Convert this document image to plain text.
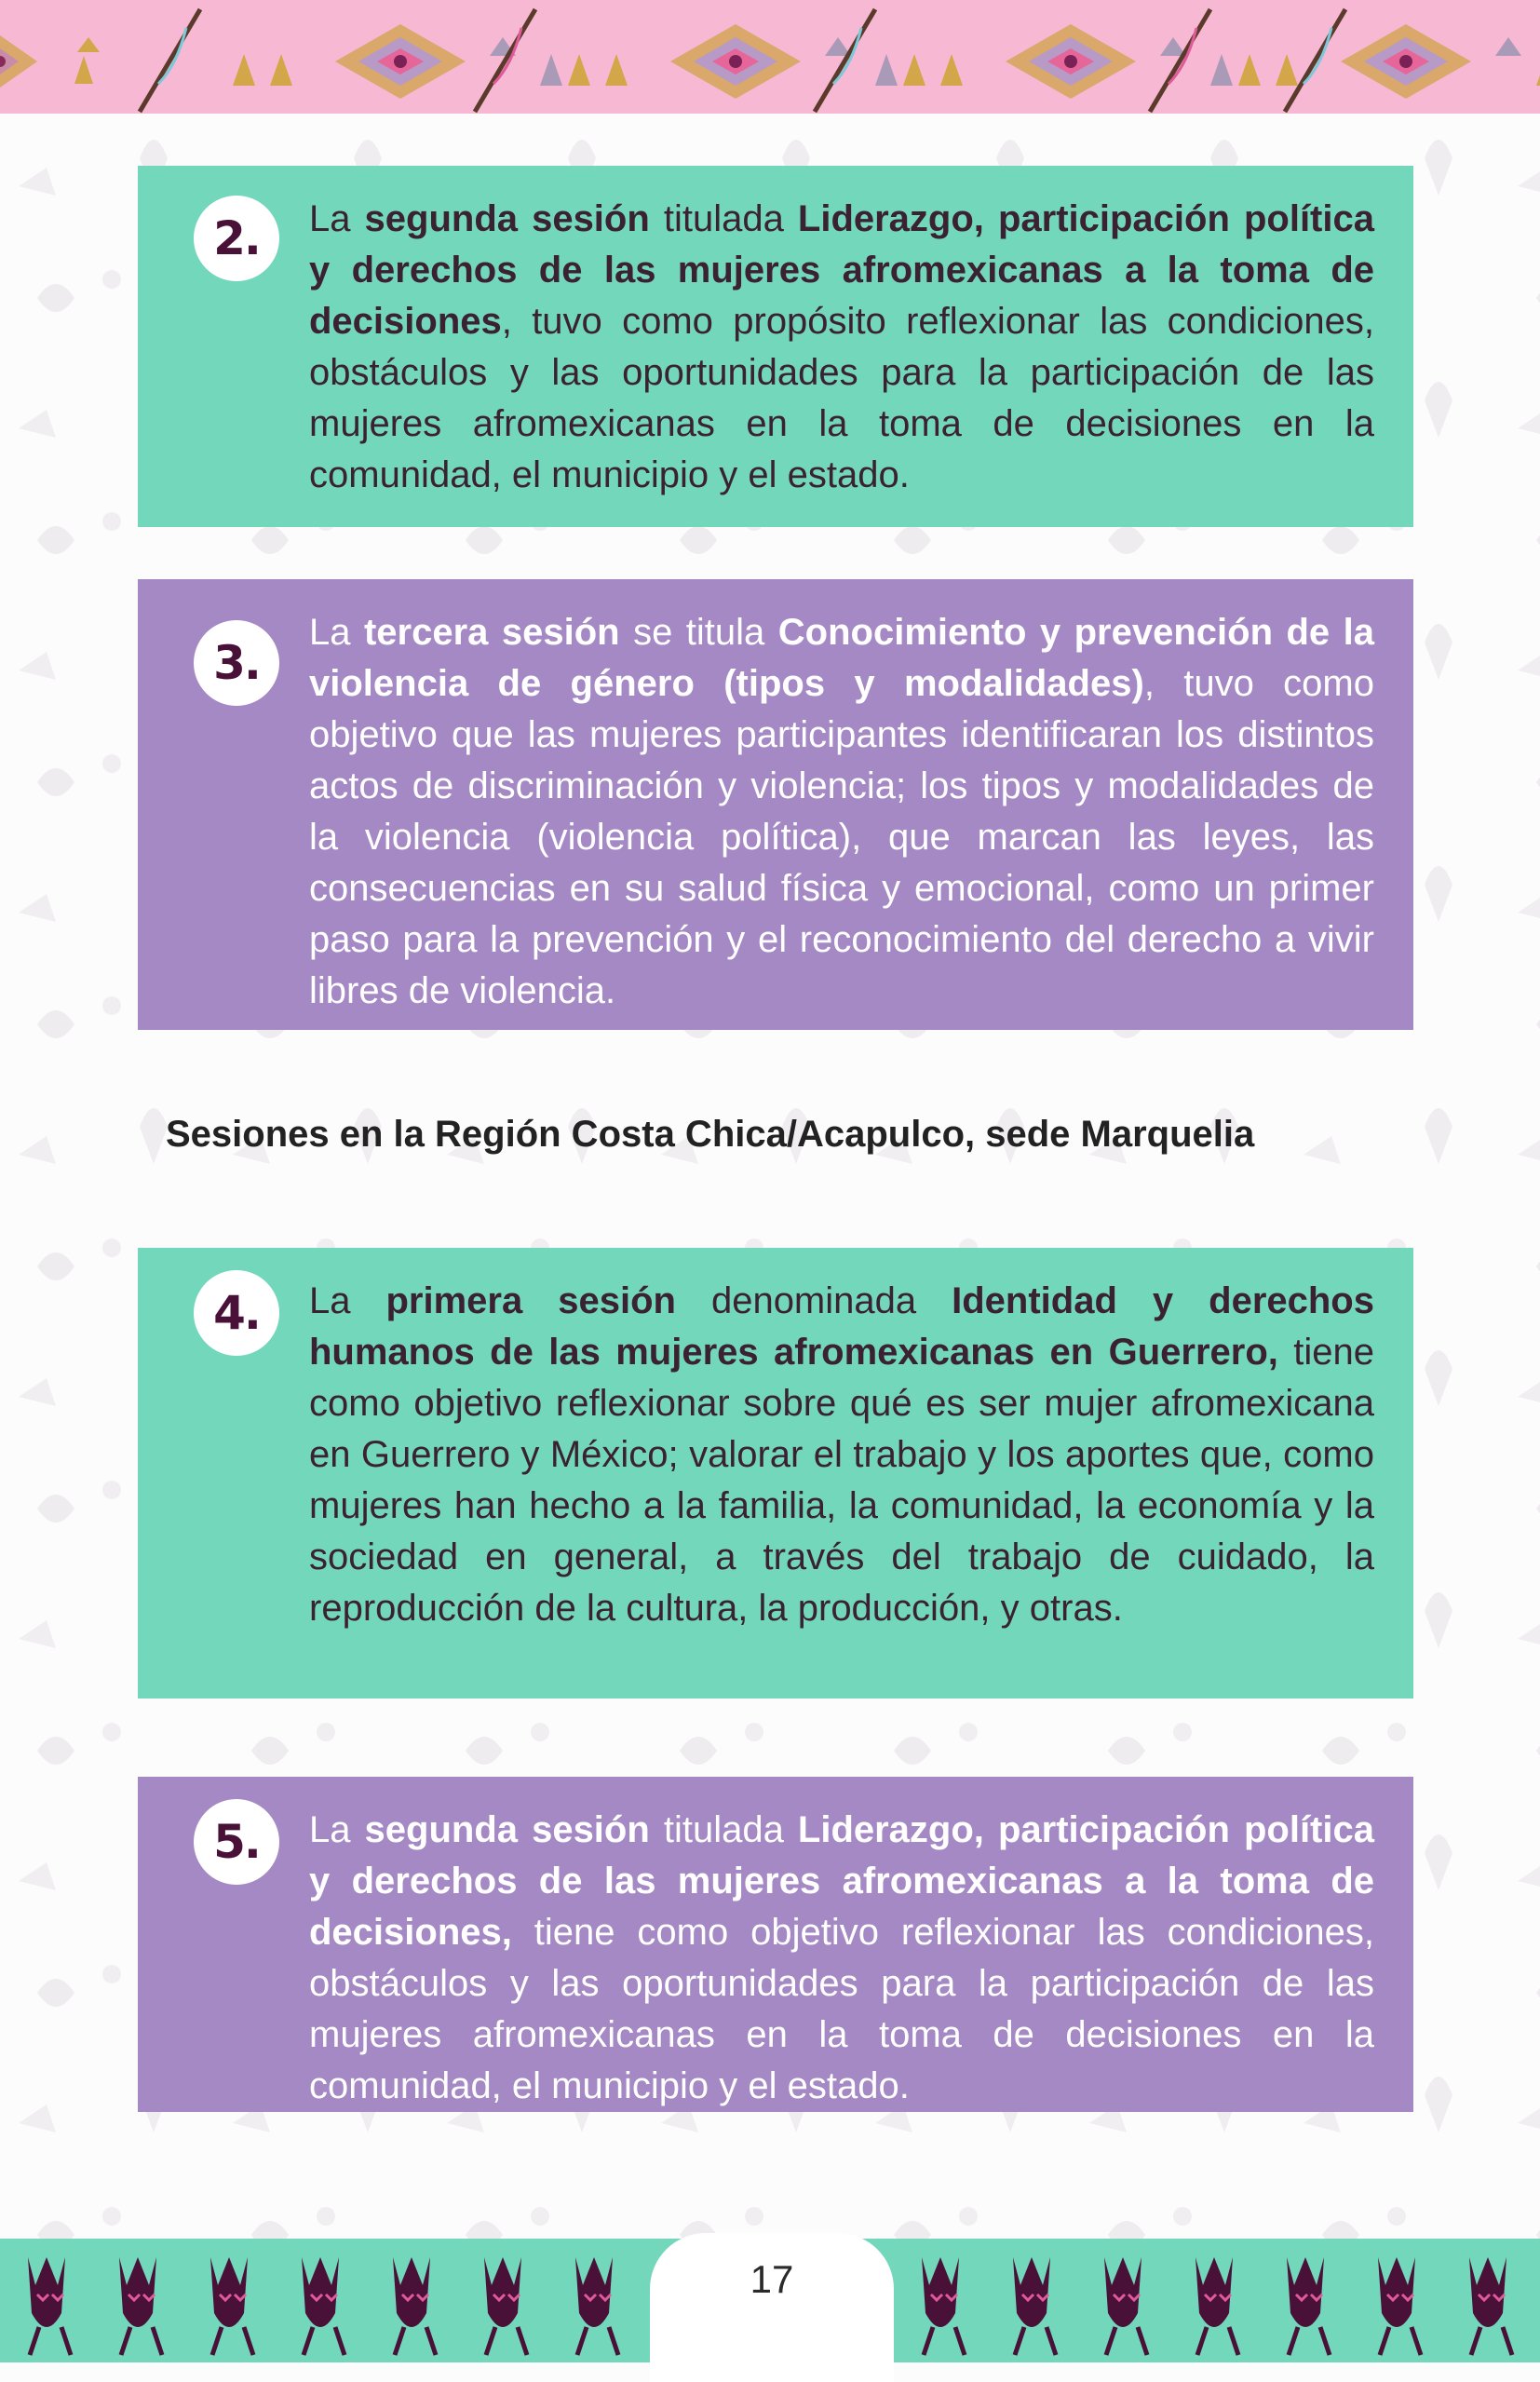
2.	La segunda sesión titulada Liderazgo, participación política y derechos de las mujeres afromexicanas a la toma de decisiones, tuvo como propósito reflexionar las condiciones, obstáculos y las oportunidades para la participación de las mujeres afromexicanas en la toma de decisiones en la comunidad, el municipio y el estado.

3.

La tercera sesión se titula Conocimiento y prevención de la violencia de género (tipos y modalidades), tuvo como objetivo que las mujeres participantes identificaran los distintos actos de discriminación y violencia; los tipos y modalidades de la violencia (violencia política), que marcan las leyes, las consecuencias en su salud física y emocional, como un primer paso para la prevención y el reconocimiento del derecho a vivir libres de violencia.

Sesiones en la Región Costa Chica/Acapulco, sede Marquelia
4.	La primera sesión denominada Identidad y derechos humanos de las mujeres afromexicanas en Guerrero, tiene como objetivo reflexionar sobre qué es ser mujer afromexicana en Guerrero y México; valorar el trabajo y los aportes que, como mujeres han hecho a la familia, la comunidad, la economía y la sociedad en general, a través del trabajo de cuidado, la reproducción de la cultura, la producción, y otras.

5.	La segunda sesión titulada Liderazgo, participación política y derechos de las mujeres afromexicanas a la toma de decisiones, tiene como objetivo reflexionar las condiciones, obstáculos y las oportunidades para la participación de las mujeres afromexicanas en la toma de decisiones en la comunidad, el municipio y el estado.

17
